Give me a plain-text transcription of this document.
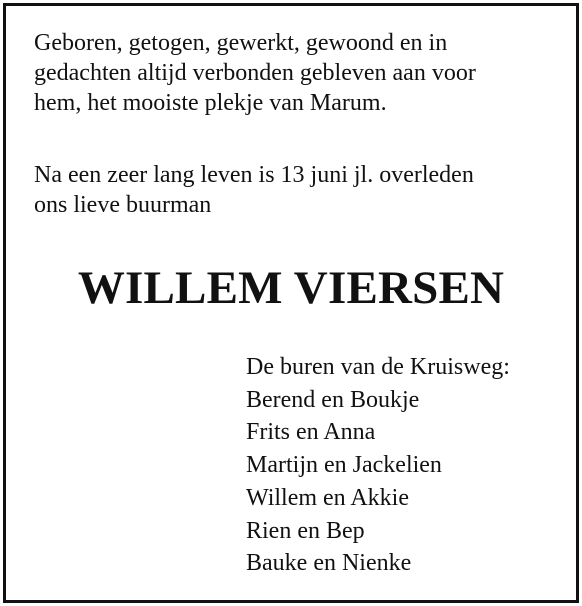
Geboren, getogen, gewerkt, gewoond en in
gedachten altijd verbonden gebleven aan voor
hem, het mooiste plekje van Marum.

Na een zeer lang leven is 13 juni jl. overleden
ons lieve buurman

WILLEM VIERSEN
De buren van de Kruisweg:
Berend en Boukje
Frits en Anna
Martijn en Jackelien
Willem en Akkie
Rien en Bep
Bauke en Nienke
